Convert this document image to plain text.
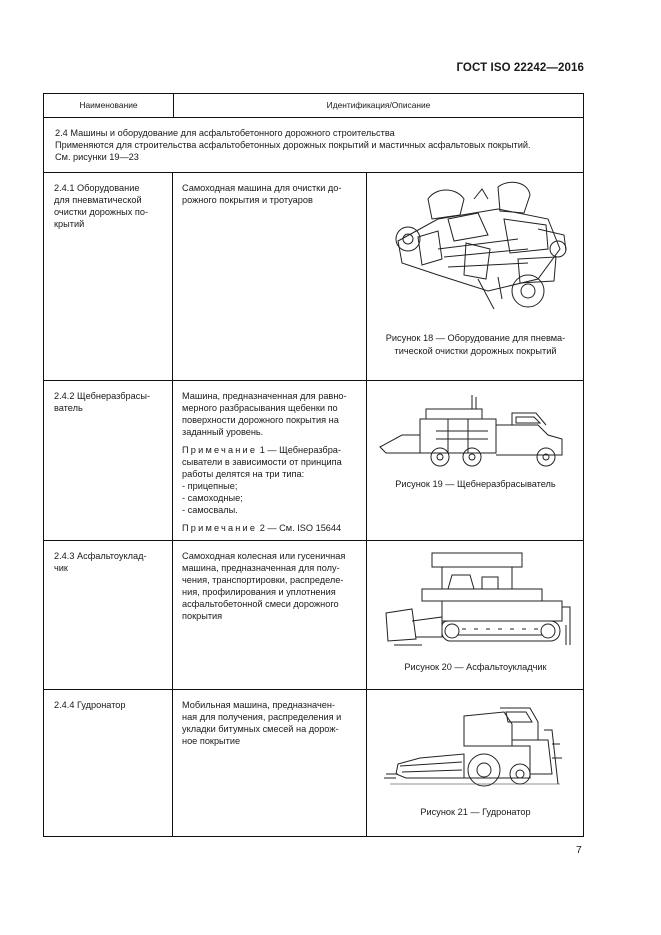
ГОСТ ISO 22242—2016
Наименование	Идентификация/Описание
2.4 Машины и оборудование для асфальтобетонного дорожного строительства
Применяются для строительства асфальтобетонных дорожных покрытий и мастичных асфальтовых покрытий.
См. рисунки 19—23
2.4.1 Оборудование
для пневматической
очистки дорожных по-
крытий
Самоходная машина для очистки до-
рожного покрытия и тротуаров
Рисунок 18 — Оборудование для пневма-
тической очистки дорожных покрытий
2.4.2 Щебнеразбрасы-
ватель
Машина, предназначенная для равно-
мерного разбрасывания щебенки по
поверхности дорожного покрытия на
заданный уровень.
Примечание 1 — Щебнеразбра-
сыватели в зависимости от принципа
работы делятся на три типа:
- прицепные;
- самоходные;
- самосвалы.
Примечание 2 — См. ISO 15644
Рисунок 19 — Щебнеразбрасыватель
2.4.3 Асфальтоуклад-
чик
Самоходная колесная или гусеничная
машина, предназначенная для полу-
чения, транспортировки, распределе-
ния, профилирования и уплотнения
асфальтобетонной смеси дорожного
покрытия
Рисунок 20 — Асфальтоукладчик
2.4.4 Гудронатор	Мобильная машина, предназначен-
ная для получения, распределения и
укладки битумных смесей на дорож-
ное покрытие
Рисунок 21 — Гудронатор
7
